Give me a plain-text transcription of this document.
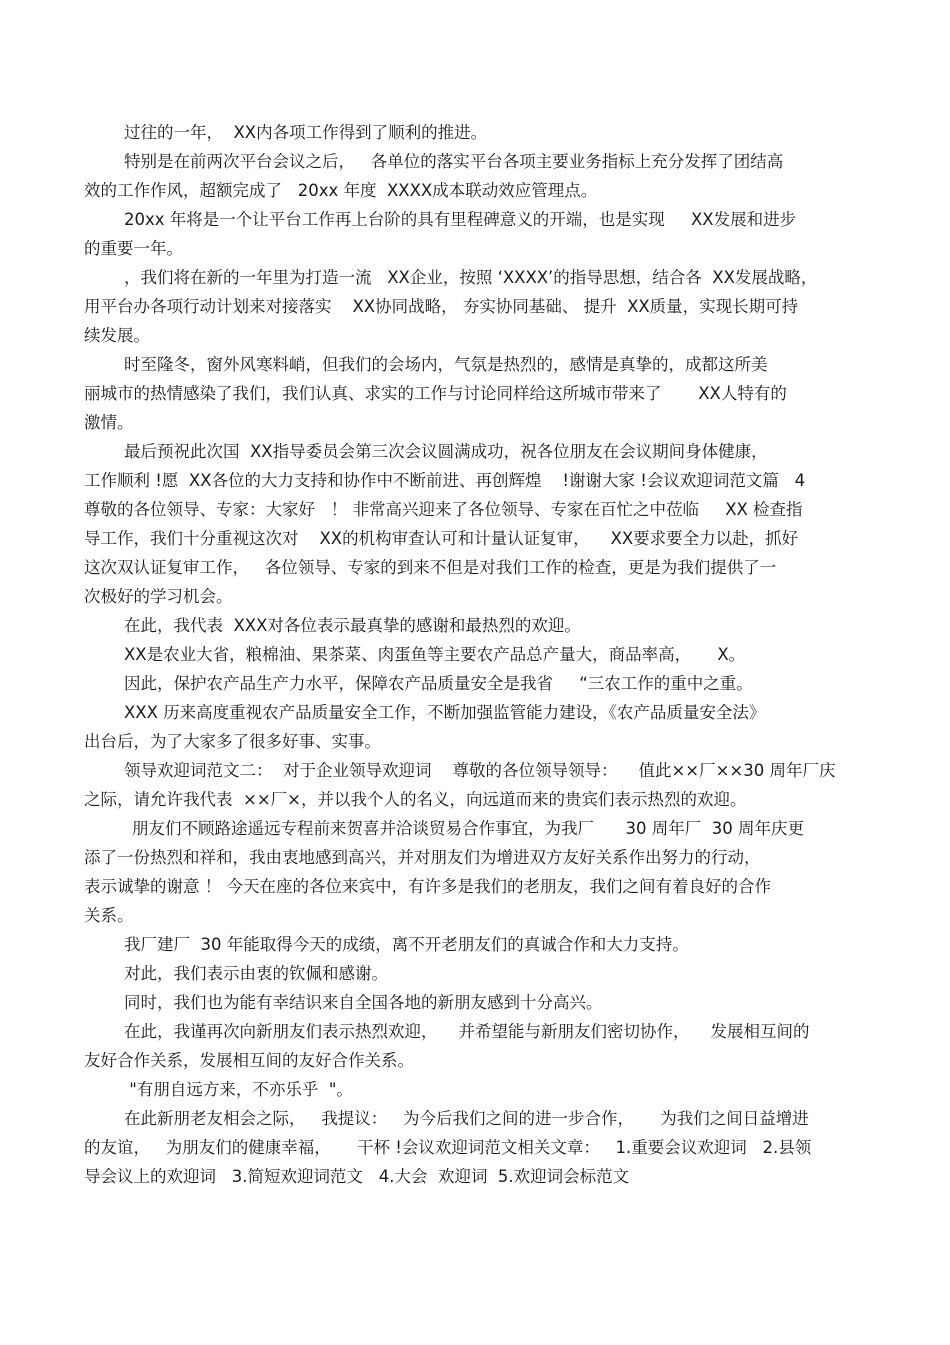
过往的一年，  XX内各项工作得到了顺利的推进。
特别是在前两次平台会议之后，   各单位的落实平台各项主要业务指标上充分发挥了团结高
效的工作作风，超额完成了   20xx 年度  XXXX成本联动效应管理点。
20xx 年将是一个让平台工作再上台阶的具有里程碑意义的开端，也是实现     XX发展和进步
的重要一年。
，我们将在新的一年里为打造一流   XX企业，按照 ‘XXXX’的指导思想，结合各  XX发展战略，
用平台办各项行动计划来对接落实    XX协同战略， 夯实协同基础、 提升  XX质量，实现长期可持
续发展。
时至隆冬，窗外风寒料峭，但我们的会场内，气氛是热烈的，感情是真挚的，成都这所美
丽城市的热情感染了我们，我们认真、求实的工作与讨论同样给这所城市带来了       XX人特有的
激情。
最后预祝此次国  XX指导委员会第三次会议圆满成功，祝各位朋友在会议期间身体健康，
工作顺利 !愿  XX各位的大力支持和协作中不断前进、再创辉煌    !谢谢大家 !会议欢迎词范文篇   4
尊敬的各位领导、专家：大家好   ！ 非常高兴迎来了各位领导、专家在百忙之中莅临     XX 检查指
导工作，我们十分重视这次对    XX的机构审查认可和计量认证复审，    XX要求要全力以赴，抓好
这次双认证复审工作，   各位领导、专家的到来不但是对我们工作的检查，更是为我们提供了一
次极好的学习机会。
在此，我代表  XXX对各位表示最真挚的感谢和最热烈的欢迎。
XX是农业大省，粮棉油、果茶菜、肉蛋鱼等主要农产品总产量大，商品率高，     X。
因此，保护农产品生产力水平，保障农产品质量安全是我省     “三农工作的重中之重。
XXX 历来高度重视农产品质量安全工作，不断加强监管能力建设，《农产品质量安全法》
出台后，为了大家多了很多好事、实事。
领导欢迎词范文二：  对于企业领导欢迎词    尊敬的各位领导领导：    值此××厂××30 周年厂庆
之际，请允许我代表  ××厂×，并以我个人的名义，向远道而来的贵宾们表示热烈的欢迎。
朋友们不顾路途遥远专程前来贺喜并洽谈贸易合作事宜，为我厂      30 周年厂  30 周年庆更
添了一份热烈和祥和，我由衷地感到高兴，并对朋友们为增进双方友好关系作出努力的行动，
表示诚挚的谢意 ！ 今天在座的各位来宾中，有许多是我们的老朋友，我们之间有着良好的合作
关系。
我厂建厂  30 年能取得今天的成绩，离不开老朋友们的真诚合作和大力支持。
对此，我们表示由衷的钦佩和感谢。
同时，我们也为能有幸结识来自全国各地的新朋友感到十分高兴。
在此，我谨再次向新朋友们表示热烈欢迎，    并希望能与新朋友们密切协作，    发展相互间的
友好合作关系，发展相互间的友好合作关系。
"有朋自远方来，不亦乐乎  "。
在此新朋老友相会之际，   我提议：   为今后我们之间的进一步合作，     为我们之间日益增进
的友谊，   为朋友们的健康幸福，     干杯 !会议欢迎词范文相关文章：   1.重要会议欢迎词   2.县领
导会议上的欢迎词   3.简短欢迎词范文   4.大会  欢迎词  5.欢迎词会标范文
